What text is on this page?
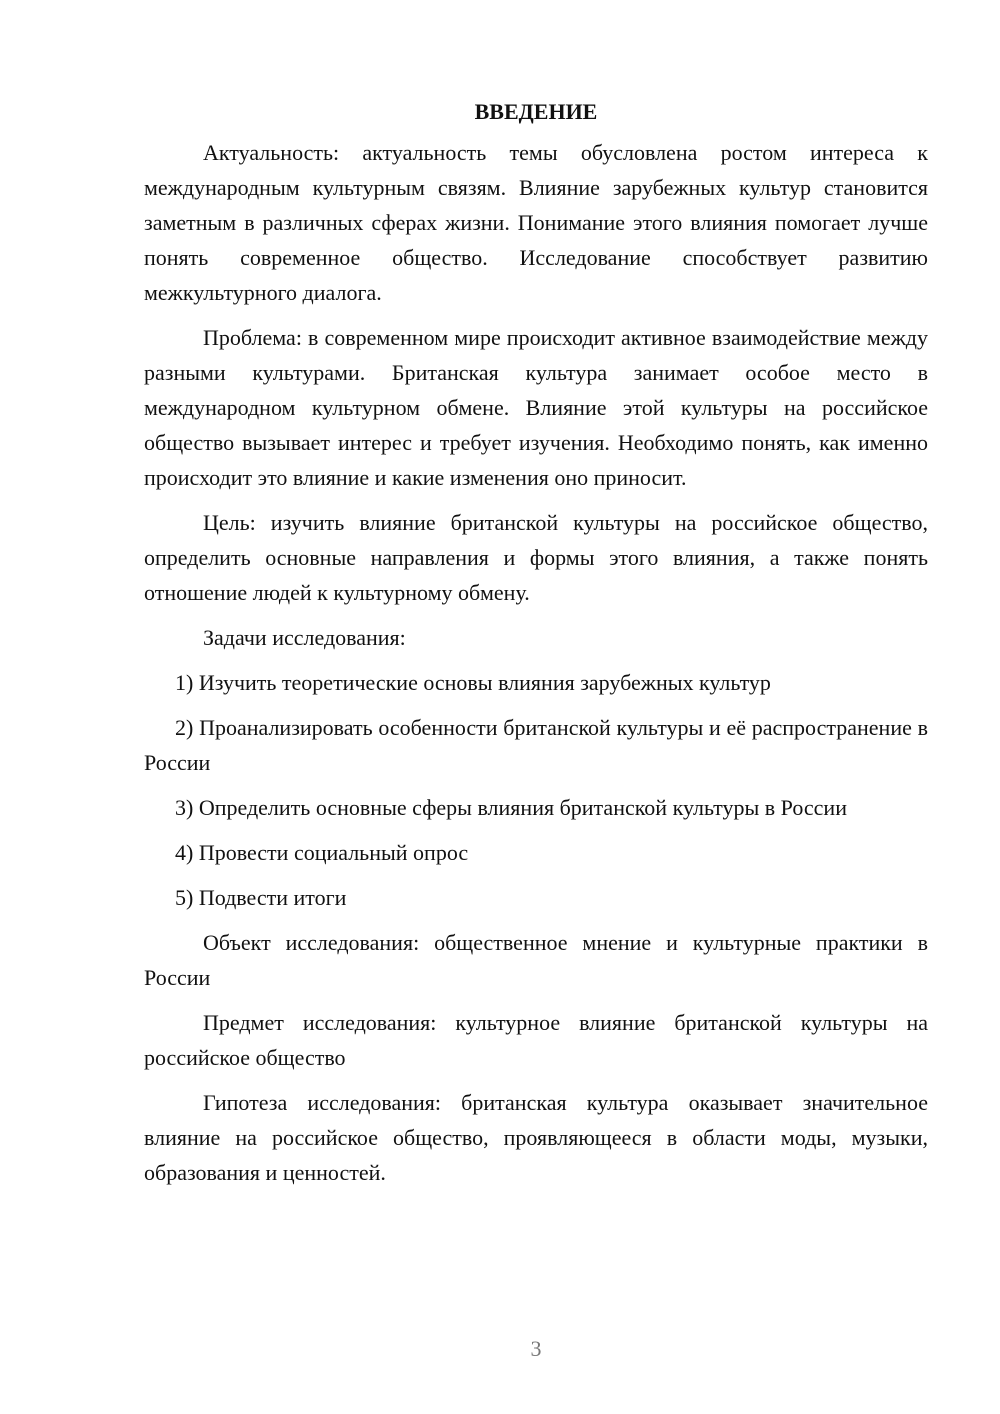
ВВЕДЕНИЕ

Актуальность: актуальность темы обусловлена ростом интереса к международным культурным связям. Влияние зарубежных культур становится заметным в различных сферах жизни. Понимание этого влияния помогает лучше понять современное общество. Исследование способствует развитию межкультурного диалога.

Проблема: в современном мире происходит активное взаимодействие между разными культурами. Британская культура занимает особое место в международном культурном обмене. Влияние этой культуры на российское общество вызывает интерес и требует изучения. Необходимо понять, как именно происходит это влияние и какие изменения оно приносит.

Цель: изучить влияние британской культуры на российское общество, определить основные направления и формы этого влияния, а также понять отношение людей к культурному обмену.

Задачи исследования:

1) Изучить теоретические основы влияния зарубежных культур

2) Проанализировать особенности британской культуры и её распространение в России

3) Определить основные сферы влияния британской культуры в России

4) Провести социальный опрос

5) Подвести итоги

Объект исследования: общественное мнение и культурные практики в России

Предмет исследования: культурное влияние британской культуры на российское общество

Гипотеза исследования: британская культура оказывает значительное влияние на российское общество, проявляющееся в области моды, музыки, образования и ценностей.

3
